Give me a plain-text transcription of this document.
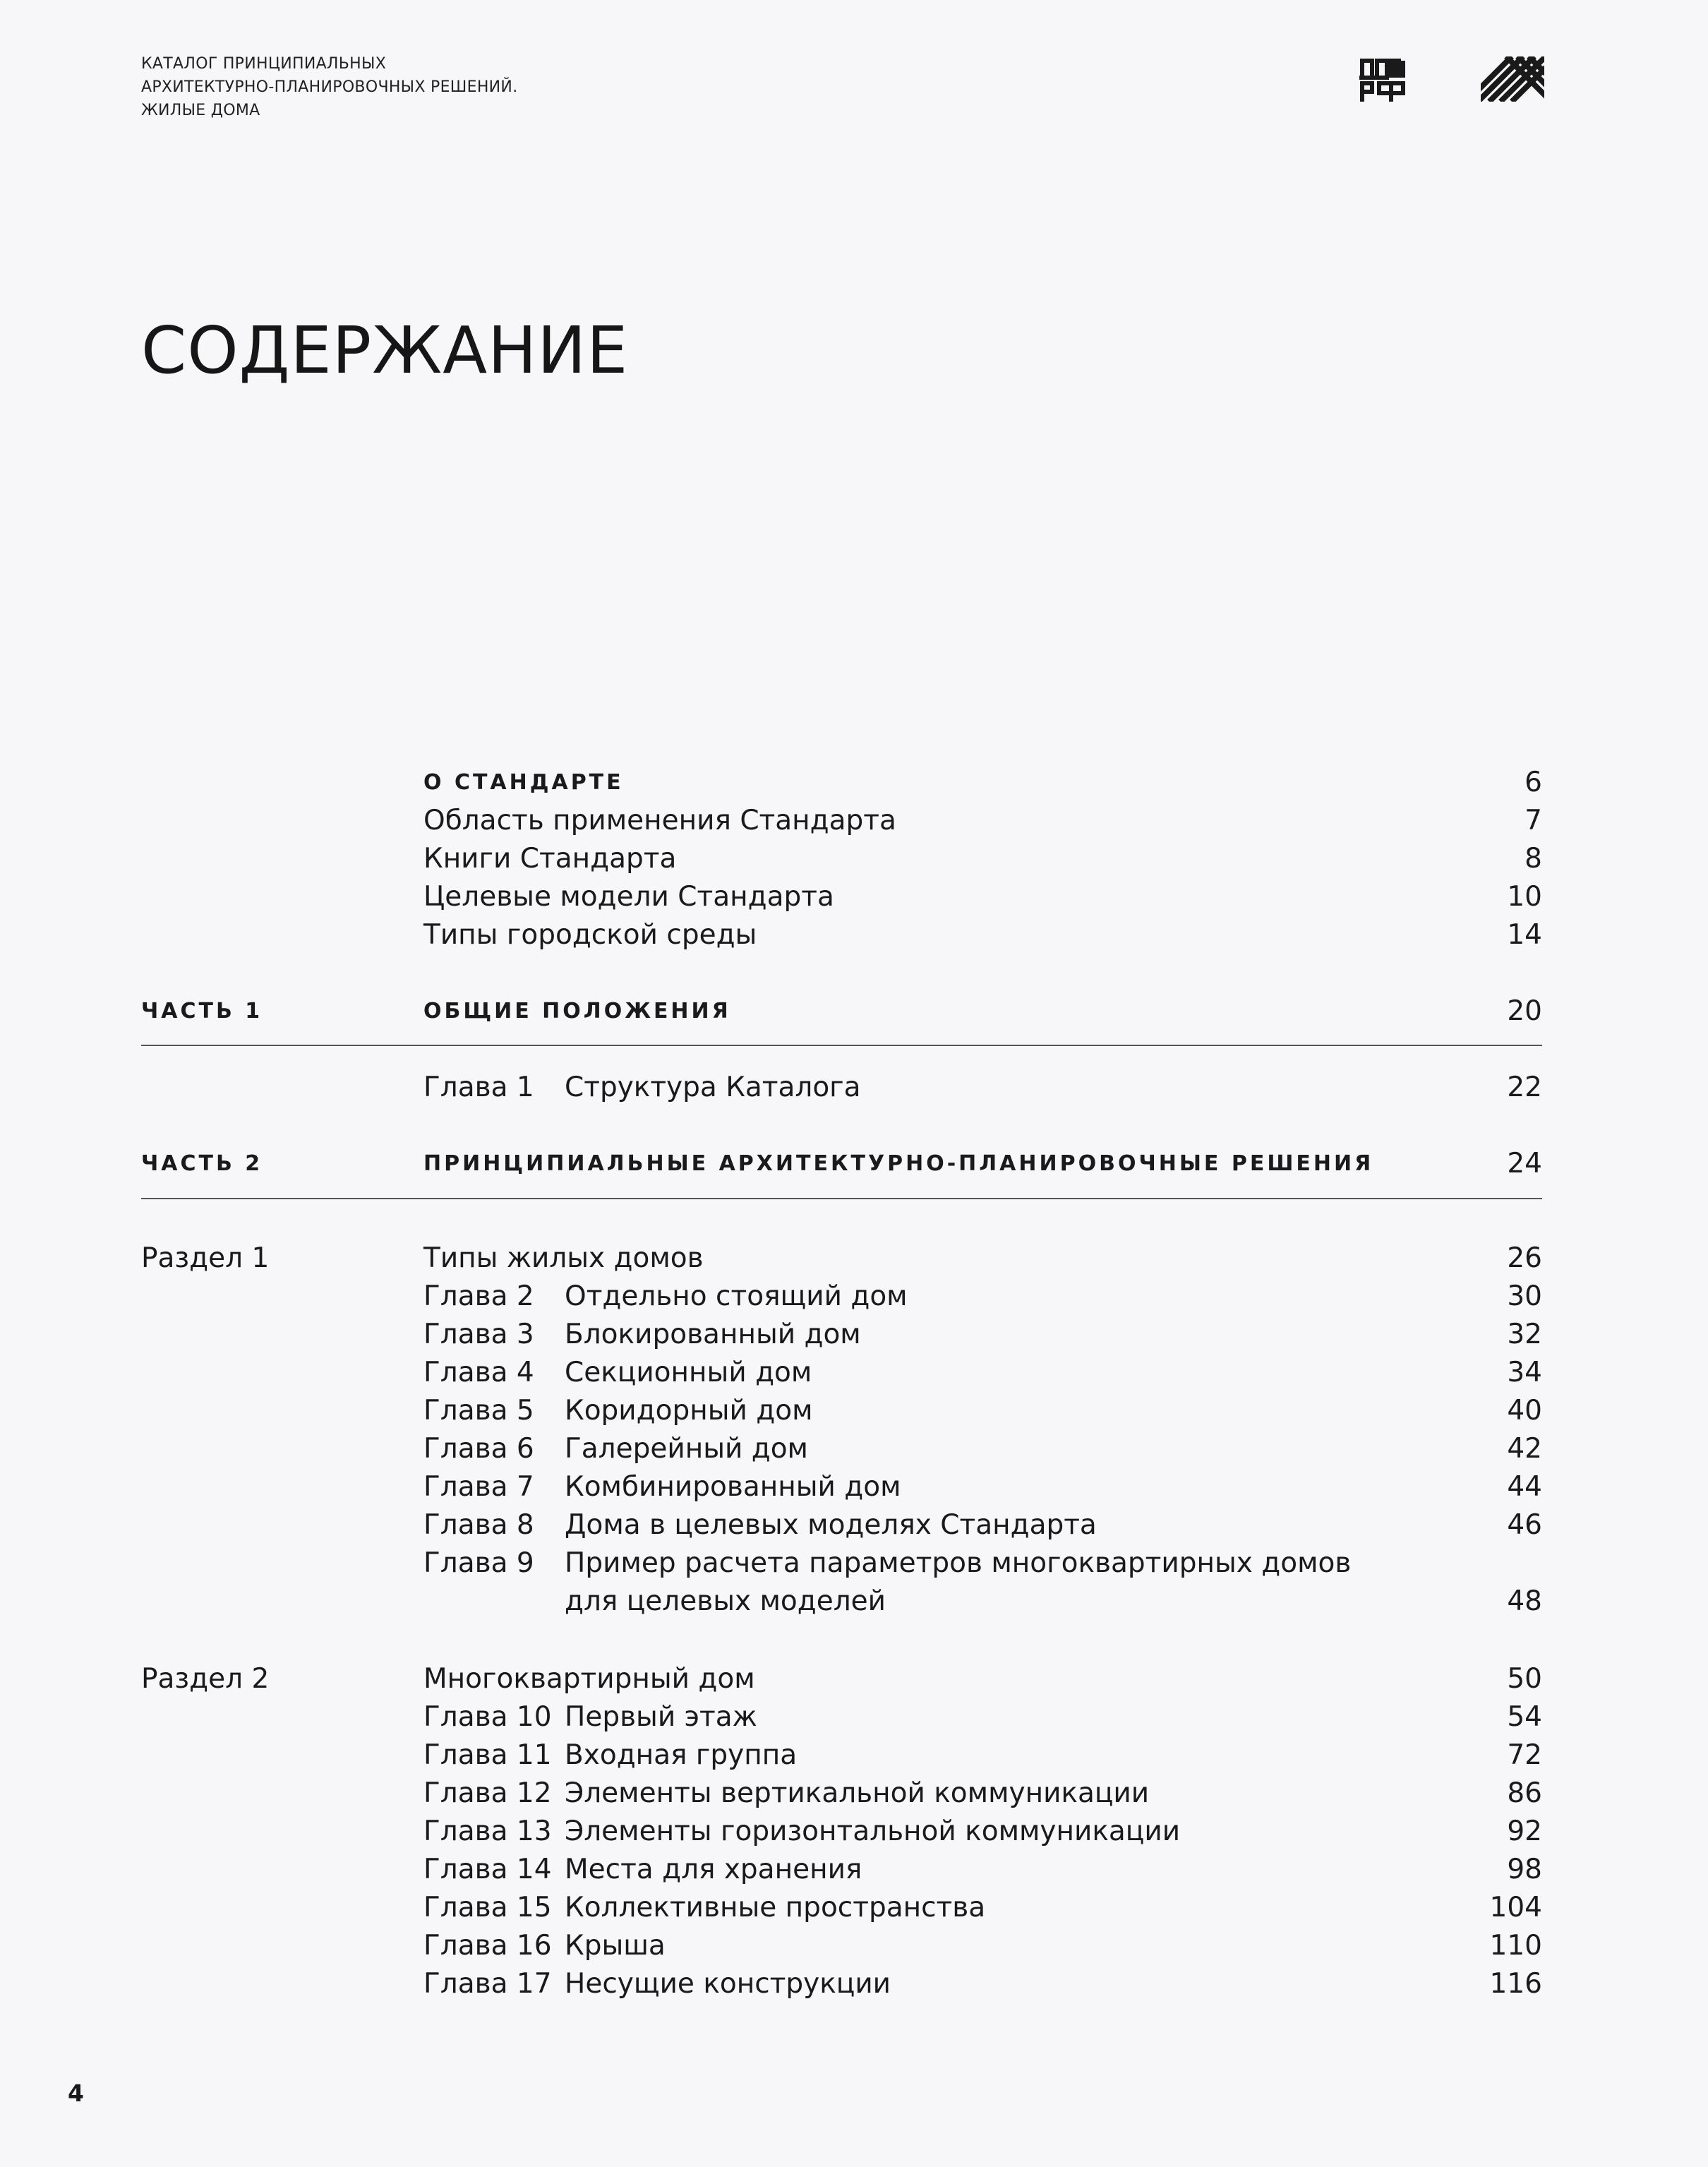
КАТАЛОГ ПРИНЦИПИАЛЬНЫХ
АРХИТЕКТУРНО-ПЛАНИРОВОЧНЫХ РЕШЕНИЙ.
ЖИЛЫЕ ДОМА
СОДЕРЖАНИЕ
О СТАНДАРТЕ	6
Область применения Стандарта	7
Книги Стандарта	8
Целевые модели Стандарта	10
Типы городской среды	14
ЧАСТЬ 1	ОБЩИЕ ПОЛОЖЕНИЯ	20
Глава 1 Структура Каталога	22
ЧАСТЬ 2	ПРИНЦИПИАЛЬНЫЕ АРХИТЕКТУРНО-ПЛАНИРОВОЧНЫЕ РЕШЕНИЯ	24
Раздел 1	Типы жилых домов	26
Глава 2 Отдельно стоящий дом	30
Глава 3 Блокированный дом	32
Глава 4 Секционный дом	34
Глава 5 Коридорный дом	40
Глава 6 Галерейный дом	42
Глава 7 Комбинированный дом	44
Глава 8 Дома в целевых моделях Стандарта	46
Глава 9 Пример расчета параметров многоквартирных домов
для целевых моделей	48
Раздел 2	Многоквартирный дом	50
Глава 10 Первый этаж	54
Глава 11 Входная группа	72
Глава 12 Элементы вертикальной коммуникации	86
Глава 13 Элементы горизонтальной коммуникации	92
Глава 14 Места для хранения	98
Глава 15 Коллективные пространства	104
Глава 16 Крыша	110
Глава 17 Несущие конструкции	116
4
